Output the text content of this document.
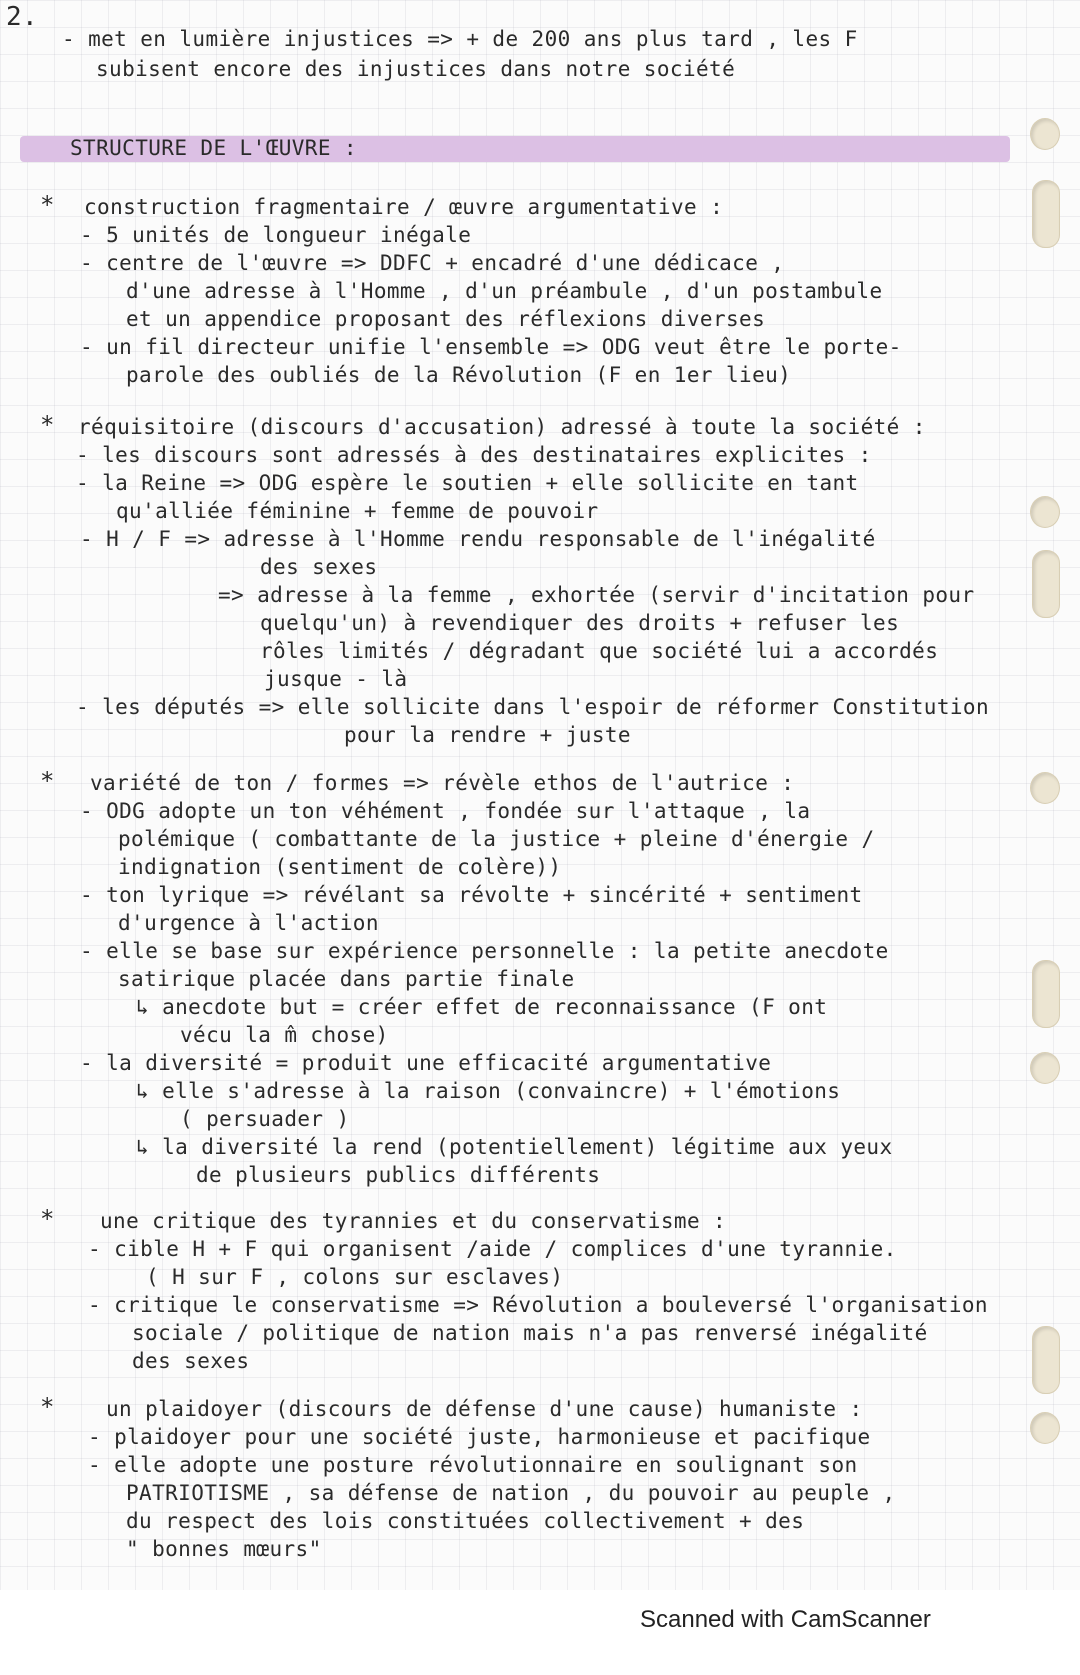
2.
- met en lumière injustices => + de 200 ans plus tard , les F
subisent encore des injustices dans notre société
STRUCTURE DE L'ŒUVRE :
* construction fragmentaire / œuvre argumentative :
- 5 unités de longueur inégale
- centre de l'œuvre => DDFC + encadré d'une dédicace ,
d'une adresse à l'Homme , d'un préambule , d'un postambule
et un appendice proposant des réflexions diverses
- un fil directeur unifie l'ensemble => ODG veut être le porte-
parole des oubliés de la Révolution (F en 1er lieu)
* réquisitoire (discours d'accusation) adressé à toute la société :
- les discours sont adressés à des destinataires explicites :
- la Reine => ODG espère le soutien + elle sollicite en tant
qu'alliée féminine + femme de pouvoir
- H / F => adresse à l'Homme rendu responsable de l'inégalité
des sexes
=> adresse à la femme , exhortée (servir d'incitation pour
quelqu'un) à revendiquer des droits + refuser les
rôles limités / dégradant que société lui a accordés
jusque - là
- les députés => elle sollicite dans l'espoir de réformer Constitution
pour la rendre + juste
* variété de ton / formes => révèle ethos de l'autrice :
- ODG adopte un ton véhément , fondée sur l'attaque , la
polémique ( combattante de la justice + pleine d'énergie /
indignation (sentiment de colère))
- ton lyrique => révélant sa révolte + sincérité + sentiment
d'urgence à l'action
- elle se base sur expérience personnelle : la petite anecdote
satirique placée dans partie finale
↳ anecdote but = créer effet de reconnaissance (F ont
vécu la m̂ chose)
- la diversité = produit une efficacité argumentative
↳ elle s'adresse à la raison (convaincre) + l'émotions
( persuader )
↳ la diversité la rend (potentiellement) légitime aux yeux
de plusieurs publics différents
* une critique des tyrannies et du conservatisme :
- cible H + F qui organisent /aide / complices d'une tyrannie.
( H sur F , colons sur esclaves)
- critique le conservatisme => Révolution a bouleversé l'organisation
sociale / politique de nation mais n'a pas renversé inégalité
des sexes
* un plaidoyer (discours de défense d'une cause) humaniste :
- plaidoyer pour une société juste, harmonieuse et pacifique
- elle adopte une posture révolutionnaire en soulignant son
PATRIOTISME , sa défense de nation , du pouvoir au peuple ,
du respect des lois constituées collectivement + des
" bonnes mœurs"
Scanned with CamScanner
